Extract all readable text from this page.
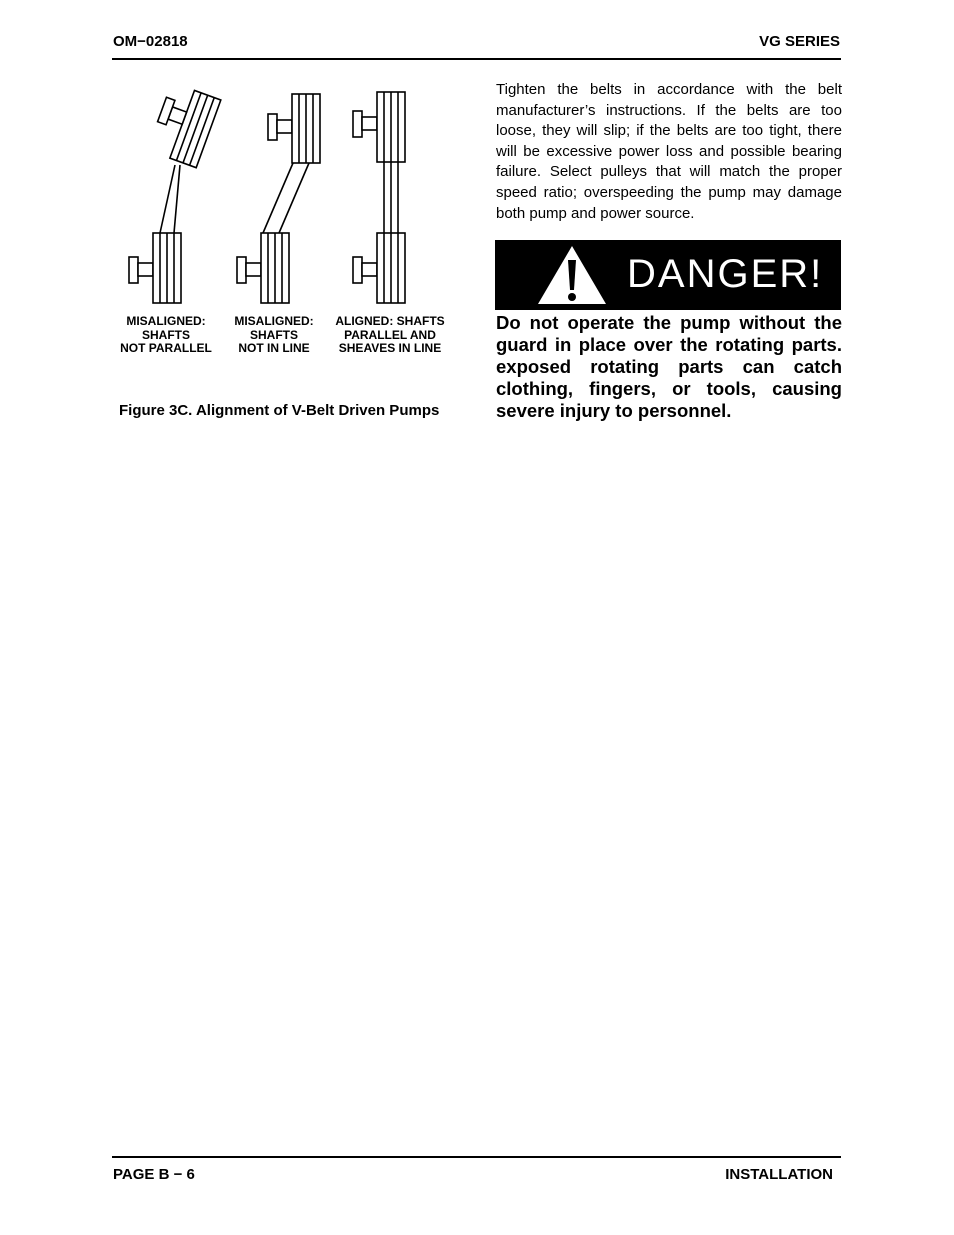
OM−02818	VG SERIES
MISALIGNED:
SHAFTS
NOT PARALLEL
MISALIGNED:
SHAFTS
NOT IN LINE
ALIGNED: SHAFTS
PARALLEL AND
SHEAVES IN LINE
Figure 3C. Alignment of V-Belt Driven Pumps

Tighten the belts in accordance with the belt manufacturer’s instructions. If the belts are too loose, they will slip; if the belts are too tight, there will be excessive power loss and possible bearing failure. Select pulleys that will match the proper speed ratio; overspeeding the pump may damage both pump and power source.

DANGER!

Do not operate the pump without the guard in place over the rotating parts. exposed rotating parts can catch clothing, fingers, or tools, causing severe injury to personnel.

PAGE B − 6	INSTALLATION
